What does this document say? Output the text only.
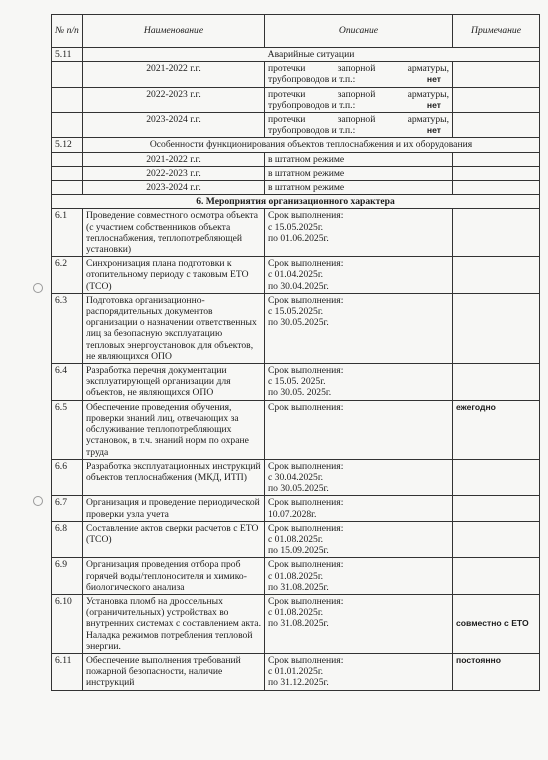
№ п/п	Наименование	Описание	Примечание
5.11	Аварийные ситуации		
	2021-2022 г.г.	протечки запорной арматуры,
трубопроводов и т.п.: нет	

	2022-2023 г.г.	протечки запорной арматуры,
трубопроводов и т.п.: нет	

	2023-2024 г.г.	протечки запорной арматуры,
трубопроводов и т.п.: нет	

5.12	Особенности функционирования объектов теплоснабжения и их оборудования		
	2021-2022 г.г.	в штатном режиме	
	2022-2023 г.г.	в штатном режиме	
	2023-2024 г.г.	в штатном режиме	
6. Мероприятия организационного характера			
6.1	Проведение совместного осмотра объекта (с участием собственников объекта теплоснабжения, теплопотребляющей установки)	Срок выполнения:
с 15.05.2025г.
по 01.06.2025г.	

6.2	Синхронизация плана подготовки к отопительному периоду с таковым ЕТО (ТСО)	Срок выполнения:
с 01.04.2025г.
по 30.04.2025г.	

6.3	Подготовка организационно-распорядительных документов организации о назначении ответственных лиц за безопасную эксплуатацию тепловых энергоустановок для объектов, не являющихся ОПО	Срок выполнения:
с 15.05.2025г.
по 30.05.2025г.	

6.4	Разработка перечня документации эксплуатирующей организации для объектов, не являющихся ОПО	Срок выполнения:
с 15.05. 2025г.
по 30.05. 2025г.	

6.5	Обеспечение проведения обучения, проверки знаний лиц, отвечающих за обслуживание теплопотребляющих установок, в т.ч. знаний норм по охране труда	Срок выполнения:	ежегодно
6.6	Разработка эксплуатационных инструкций объектов теплоснабжения (МКД, ИТП)	Срок выполнения:
с 30.04.2025г.
по 30.05.2025г.	

6.7	Организация и проведение периодической проверки узла учета	Срок выполнения:
10.07.2028г.	

6.8	Составление актов сверки расчетов с ЕТО (ТСО)	Срок выполнения:
с 01.08.2025г.
по 15.09.2025г.	

6.9	Организация проведения отбора проб горячей воды/теплоносителя и химико-биологического анализа	Срок выполнения:
с 01.08.2025г.
по 31.08.2025г.	

6.10	Установка пломб на дроссельных (ограничительных) устройствах во внутренних системах с составлением акта. Наладка режимов потребления тепловой энергии.	Срок выполнения:
с 01.08.2025г.
по 31.08.2025г.	совместно с ЕТО
6.11	Обеспечение выполнения требований пожарной безопасности, наличие инструкций	Срок выполнения:
с 01.01.2025г.
по 31.12.2025г.	постоянно
